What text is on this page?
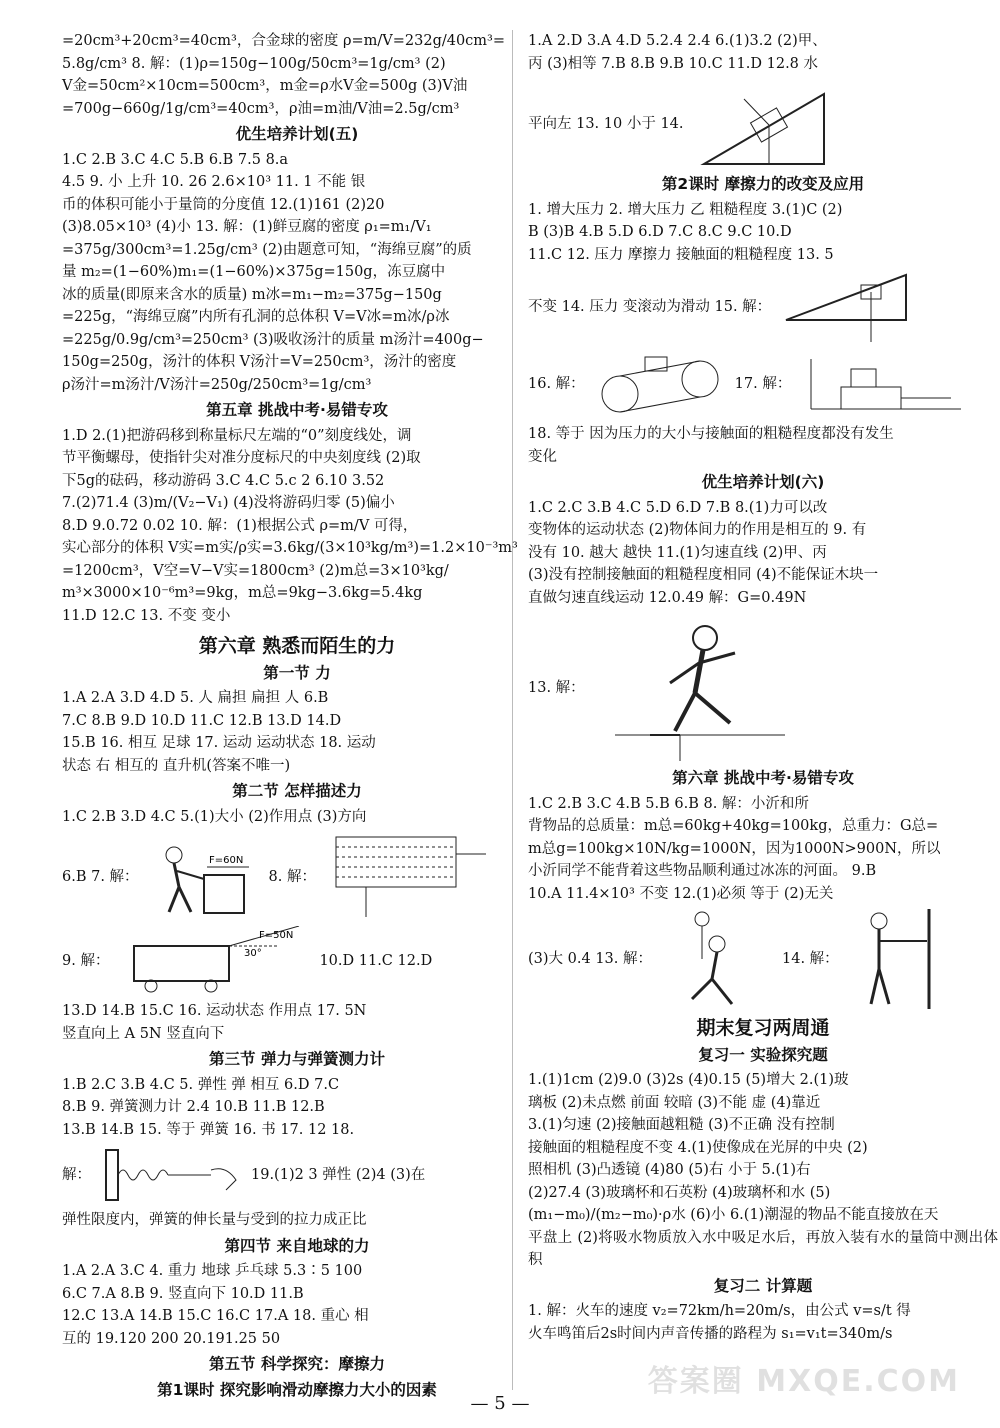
=20cm³+20cm³=40cm³，合金球的密度 ρ=m/V=232g/40cm³=

5.8g/cm³ 8. 解：(1)ρ=150g−100g/50cm³=1g/cm³ (2)

V金=50cm²×10cm=500cm³，m金=ρ水V金=500g (3)V油

=700g−660g/1g/cm³=40cm³，ρ油=m油/V油=2.5g/cm³

优生培养计划(五)

1.C 2.B 3.C 4.C 5.B 6.B 7.5 8.a

4.5 9. 小 上升 10. 26 2.6×10³ 11. 1 不能 银

币的体积可能小于量筒的分度值 12.(1)161 (2)20

(3)8.05×10³ (4)小 13. 解：(1)鲜豆腐的密度 ρ₁=m₁/V₁

=375g/300cm³=1.25g/cm³ (2)由题意可知，“海绵豆腐”的质

量 m₂=(1−60%)m₁=(1−60%)×375g=150g，冻豆腐中

冰的质量(即原来含水的质量) m冰=m₁−m₂=375g−150g

=225g，“海绵豆腐”内所有孔洞的总体积 V=V冰=m冰/ρ冰

=225g/0.9g/cm³=250cm³ (3)吸收汤汁的质量 m汤汁=400g−

150g=250g，汤汁的体积 V汤汁=V=250cm³，汤汁的密度

ρ汤汁=m汤汁/V汤汁=250g/250cm³=1g/cm³

第五章 挑战中考·易错专攻

1.D 2.(1)把游码移到称量标尺左端的“0”刻度线处，调

节平衡螺母，使指针尖对准分度标尺的中央刻度线 (2)取

下5g的砝码，移动游码 3.C 4.C 5.c 2 6.10 3.52

7.(2)71.4 (3)m/(V₂−V₁) (4)没将游码归零 (5)偏小

8.D 9.0.72 0.02 10. 解：(1)根据公式 ρ=m/V 可得，

实心部分的体积 V实=m实/ρ实=3.6kg/(3×10³kg/m³)=1.2×10⁻³m³

=1200cm³，V空=V−V实=1800cm³ (2)m总=3×10³kg/

m³×3000×10⁻⁶m³=9kg，m总=9kg−3.6kg=5.4kg

11.D 12.C 13. 不变 变小

第六章 熟悉而陌生的力
第一节 力

1.A 2.A 3.D 4.D 5. 人 扁担 扁担 人 6.B

7.C 8.B 9.D 10.D 11.C 12.B 13.D 14.D

15.B 16. 相互 足球 17. 运动 运动状态 18. 运动

状态 右 相互的 直升机(答案不唯一)

第二节 怎样描述力

1.C 2.B 3.D 4.C 5.(1)大小 (2)作用点 (3)方向

6.B 7. 解：
F=60N
8. 解：
9. 解：
F=50N
30°	10.D 11.C 12.D

13.D 14.B 15.C 16. 运动状态 作用点 17. 5N

竖直向上 A 5N 竖直向下

第三节 弹力与弹簧测力计

1.B 2.C 3.B 4.C 5. 弹性 弹 相互 6.D 7.C

8.B 9. 弹簧测力计 2.4 10.B 11.B 12.B

13.B 14.B 15. 等于 弹簧 16. 书 17. 12 18.

解：	19.(1)2 3 弹性 (2)4 (3)在

弹性限度内，弹簧的伸长量与受到的拉力成正比

第四节 来自地球的力

1.A 2.A 3.C 4. 重力 地球 乒乓球 5.3∶5 100

6.C 7.A 8.B 9. 竖直向下 10.D 11.B

12.C 13.A 14.B 15.C 16.C 17.A 18. 重心 相

互的 19.120 200 20.191.25 50

第五节 科学探究：摩擦力
第1课时 探究影响滑动摩擦力大小的因素

1.A 2.D 3.A 4.D 5.2.4 2.4 6.(1)3.2 (2)甲、

丙 (3)相等 7.B 8.B 9.B 10.C 11.D 12.8 水

平向左 13. 10 小于 14.
第2课时 摩擦力的改变及应用

1. 增大压力 2. 增大压力 乙 粗糙程度 3.(1)C (2)

B (3)B 4.B 5.D 6.D 7.C 8.C 9.C 10.D

11.C 12. 压力 摩擦力 接触面的粗糙程度 13. 5

不变 14. 压力 变滚动为滑动 15. 解：
16. 解：	17. 解：

18. 等于 因为压力的大小与接触面的粗糙程度都没有发生

变化

优生培养计划(六)

1.C 2.C 3.B 4.C 5.D 6.D 7.B 8.(1)力可以改

变物体的运动状态 (2)物体间力的作用是相互的 9. 有

没有 10. 越大 越快 11.(1)匀速直线 (2)甲、丙

(3)没有控制接触面的粗糙程度相同 (4)不能保证木块一

直做匀速直线运动 12.0.49 解：G=0.49N

13. 解：
第六章 挑战中考·易错专攻

1.C 2.B 3.C 4.B 5.B 6.B 8. 解：小沂和所

背物品的总质量：m总=60kg+40kg=100kg，总重力：G总=

m总g=100kg×10N/kg=1000N，因为1000N>900N，所以

小沂同学不能背着这些物品顺利通过冰冻的河面。 9.B

10.A 11.4×10³ 不变 12.(1)必须 等于 (2)无关

(3)大 0.4 13. 解：	14. 解：
期末复习两周通
复习一 实验探究题

1.(1)1cm (2)9.0 (3)2s (4)0.15 (5)增大 2.(1)玻

璃板 (2)未点燃 前面 较暗 (3)不能 虚 (4)靠近

3.(1)匀速 (2)接触面越粗糙 (3)不正确 没有控制

接触面的粗糙程度不变 4.(1)使像成在光屏的中央 (2)

照相机 (3)凸透镜 (4)80 (5)右 小于 5.(1)右

(2)27.4 (3)玻璃杯和石英粉 (4)玻璃杯和水 (5)

(m₁−m₀)/(m₂−m₀)·ρ水 (6)小 6.(1)潮湿的物品不能直接放在天

平盘上 (2)将吸水物质放入水中吸足水后，再放入装有水的量筒中测出体积

复习二 计算题

1. 解：火车的速度 v₂=72km/h=20m/s，由公式 v=s/t 得

火车鸣笛后2s时间内声音传播的路程为 s₁=v₁t=340m/s

— 5 —
答案圈 MXQE.COM
